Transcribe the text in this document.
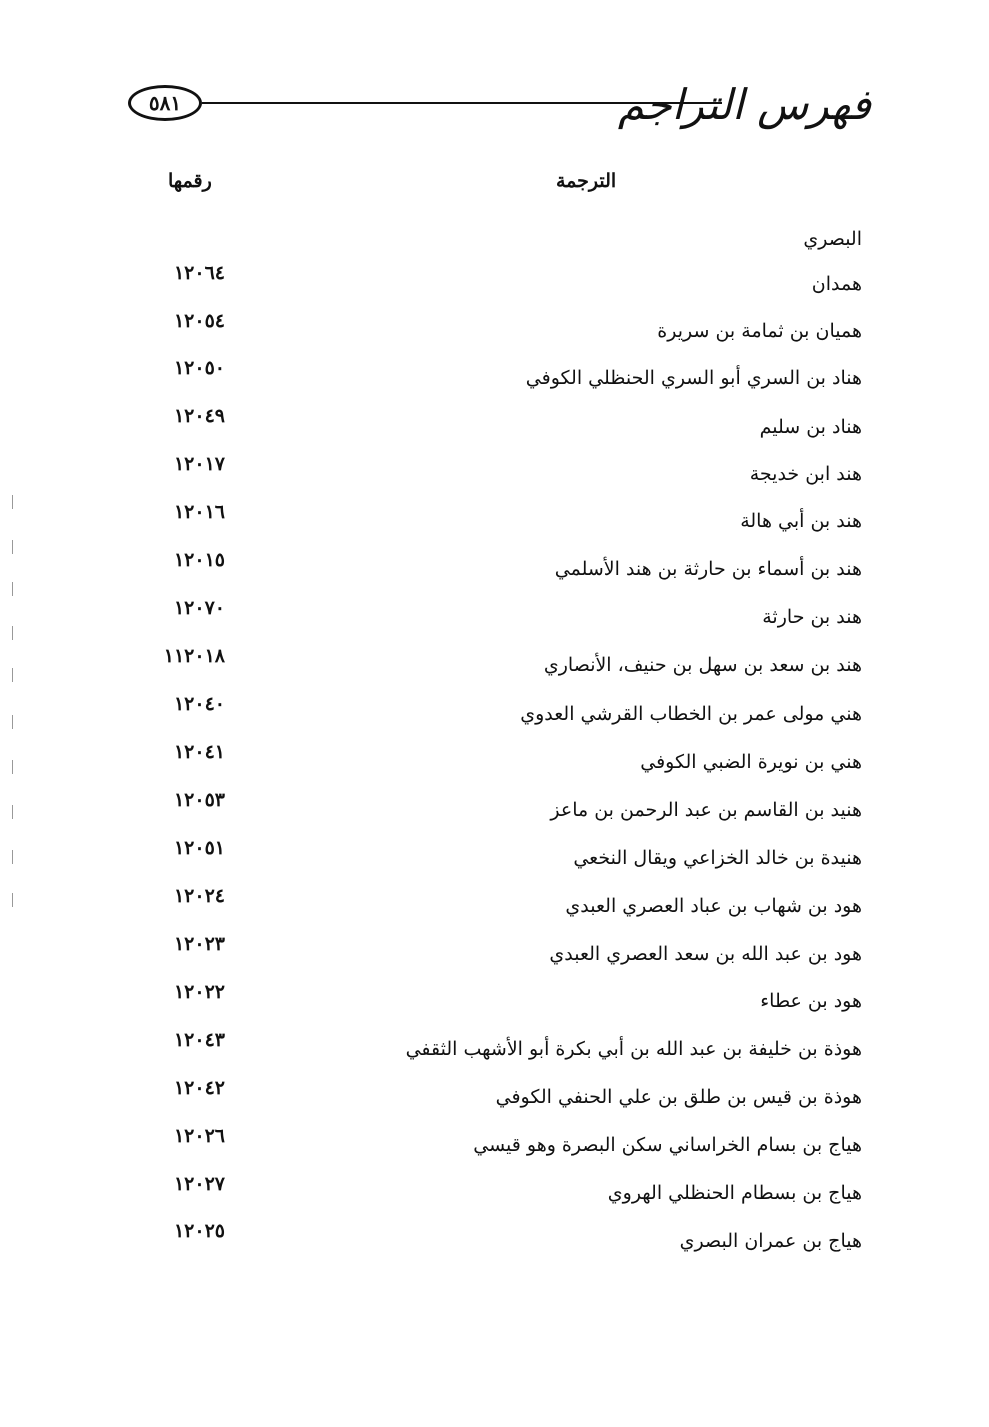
٥٨١	فهرس التراجم
الترجمة
رقمها
البصري
همدان
١٢٠٦٤
هميان بن ثمامة بن سريرة
١٢٠٥٤
هناد بن السري أبو السري الحنظلي الكوفي
١٢٠٥٠
هناد بن سليم
١٢٠٤٩
هند ابن خديجة
١٢٠١٧
هند بن أبي هالة
١٢٠١٦
هند بن أسماء بن حارثة بن هند الأسلمي
١٢٠١٥
هند بن حارثة
١٢٠٧٠
هند بن سعد بن سهل بن حنيف، الأنصاري
١١٢٠١٨
هني مولى عمر بن الخطاب القرشي العدوي
١٢٠٤٠
هني بن نويرة الضبي الكوفي
١٢٠٤١
هنيد بن القاسم بن عبد الرحمن بن ماعز
١٢٠٥٣
هنيدة بن خالد الخزاعي ويقال النخعي
١٢٠٥١
هود بن شهاب بن عباد العصري العبدي
١٢٠٢٤
هود بن عبد الله بن سعد العصري العبدي
١٢٠٢٣
هود بن عطاء
١٢٠٢٢
هوذة بن خليفة بن عبد الله بن أبي بكرة أبو الأشهب الثقفي
١٢٠٤٣
هوذة بن قيس بن طلق بن علي الحنفي الكوفي
١٢٠٤٢
هياج بن بسام الخراساني سكن البصرة وهو قيسي
١٢٠٢٦
هياج بن بسطام الحنظلي الهروي
١٢٠٢٧
هياج بن عمران البصري
١٢٠٢٥
